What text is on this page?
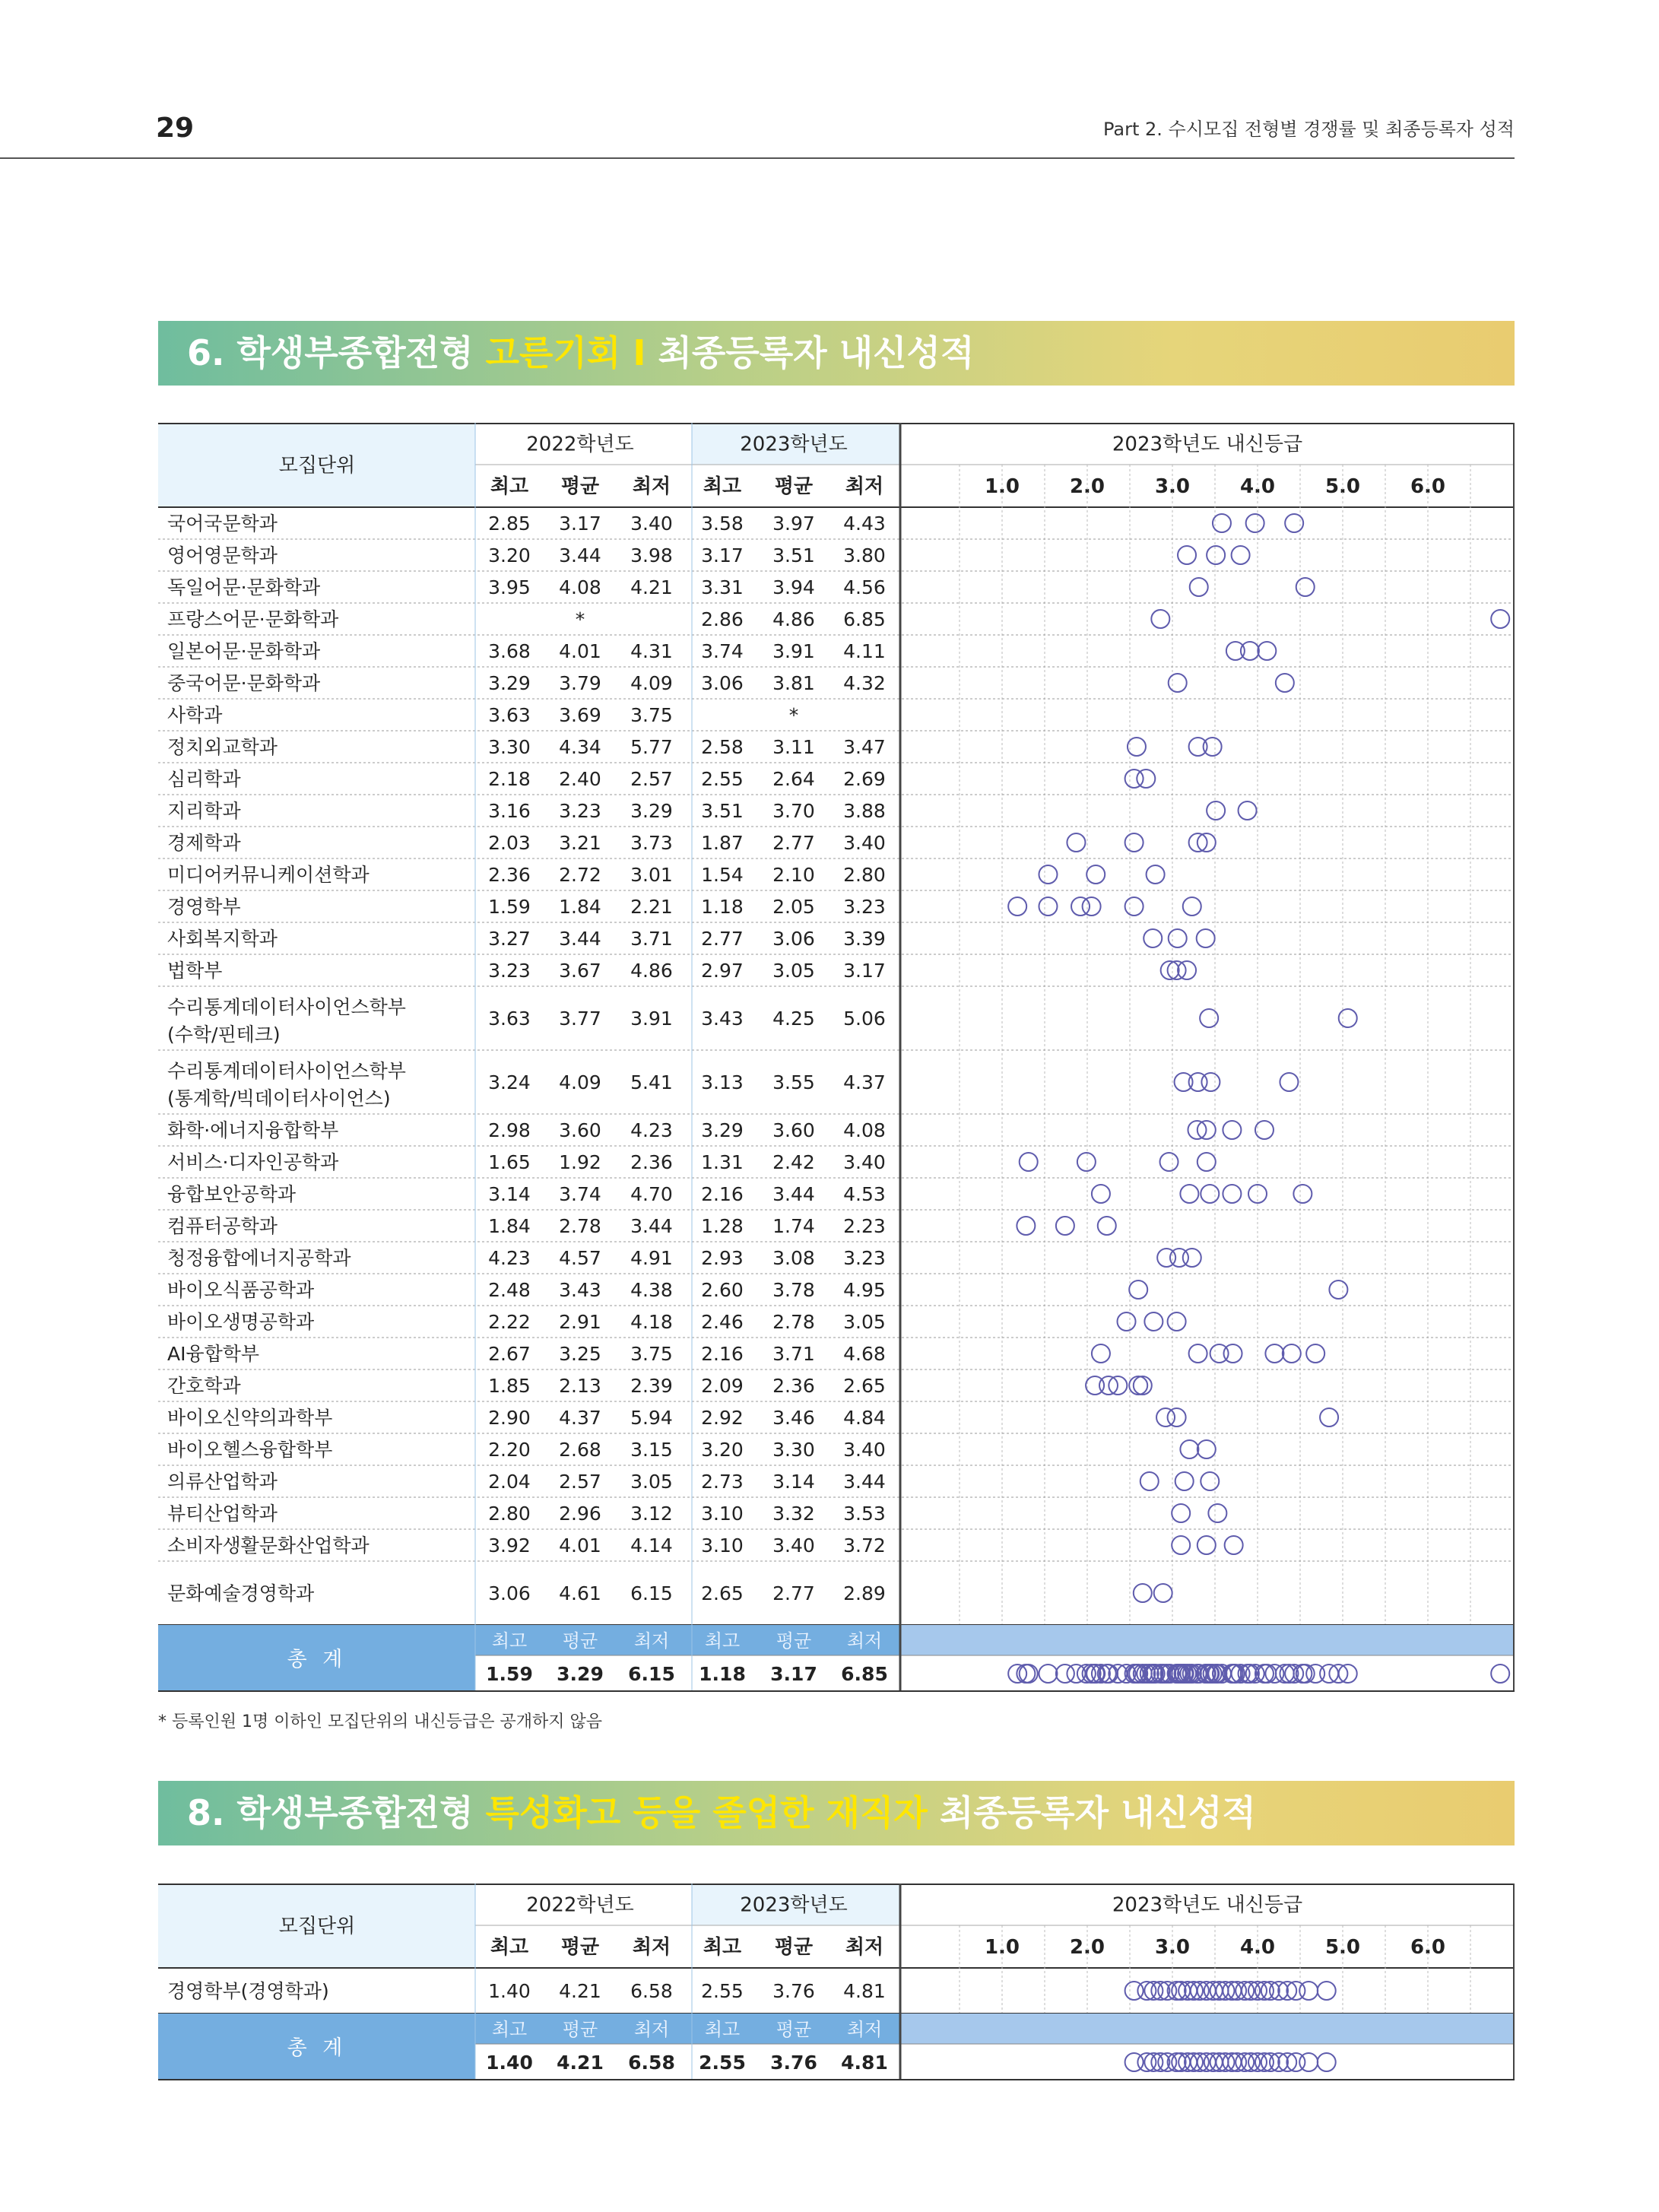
29	Part 2. 수시모집 전형별 경쟁률 및 최종등록자 성적
6. 학생부종합전형 고른기회 Ⅰ 최종등록자 내신성적
모집단위
2022학년도	2023학년도	2023학년도 내신등급
최고 평균 최저 최고 평균 최저	1.0	2.0	3.0	4.0	5.0	6.0
국어국문학과	2.85 3.17 3.40 3.58 3.97 4.43
영어영문학과	3.20 3.44 3.98 3.17 3.51 3.80
독일어문·문화학과	3.95 4.08 4.21 3.31 3.94 4.56
프랑스어문·문화학과	*	2.86 4.86 6.85
일본어문·문화학과	3.68 4.01 4.31 3.74 3.91 4.11
중국어문·문화학과	3.29 3.79 4.09 3.06 3.81 4.32
사학과	3.63 3.69 3.75	*
정치외교학과	3.30 4.34 5.77 2.58 3.11 3.47
심리학과	2.18 2.40 2.57 2.55 2.64 2.69
지리학과	3.16 3.23 3.29 3.51 3.70 3.88
경제학과	2.03 3.21 3.73 1.87 2.77 3.40
미디어커뮤니케이션학과	2.36 2.72 3.01 1.54 2.10 2.80
경영학부	1.59 1.84 2.21 1.18 2.05 3.23
사회복지학과	3.27 3.44 3.71 2.77 3.06 3.39
법학부	3.23 3.67 4.86 2.97 3.05 3.17
수리통계데이터사이언스학부
(수학/핀테크)
3.63 3.77 3.91 3.43 4.25 5.06
수리통계데이터사이언스학부
(통계학/빅데이터사이언스)
3.24 4.09 5.41 3.13 3.55 4.37
화학·에너지융합학부	2.98 3.60 4.23 3.29 3.60 4.08
서비스·디자인공학과	1.65 1.92 2.36 1.31 2.42 3.40
융합보안공학과	3.14 3.74 4.70 2.16 3.44 4.53
컴퓨터공학과	1.84 2.78 3.44 1.28 1.74 2.23
청정융합에너지공학과	4.23 4.57 4.91 2.93 3.08 3.23
바이오식품공학과	2.48 3.43 4.38 2.60 3.78 4.95
바이오생명공학과	2.22 2.91 4.18 2.46 2.78 3.05
AI융합학부	2.67 3.25 3.75 2.16 3.71 4.68
간호학과	1.85 2.13 2.39 2.09 2.36 2.65
바이오신약의과학부	2.90 4.37 5.94 2.92 3.46 4.84
바이오헬스융합학부	2.20 2.68 3.15 3.20 3.30 3.40
의류산업학과	2.04 2.57 3.05 2.73 3.14 3.44
뷰티산업학과	2.80 2.96 3.12 3.10 3.32 3.53
소비자생활문화산업학과	3.92 4.01 4.14 3.10 3.40 3.72
문화예술경영학과	3.06 4.61 6.15 2.65 2.77 2.89
총 계
최고 평균 최저 최고 평균 최저
1.59 3.29 6.15 1.18 3.17 6.85
* 등록인원 1명 이하인 모집단위의 내신등급은 공개하지 않음
8. 학생부종합전형 특성화고 등을 졸업한 재직자 최종등록자 내신성적
모집단위
2022학년도	2023학년도	2023학년도 내신등급
최고 평균 최저 최고 평균 최저	1.0	2.0	3.0	4.0	5.0	6.0
경영학부(경영학과)	1.40 4.21 6.58 2.55 3.76 4.81
총 계
최고 평균 최저 최고 평균 최저
1.40 4.21 6.58 2.55 3.76 4.81
